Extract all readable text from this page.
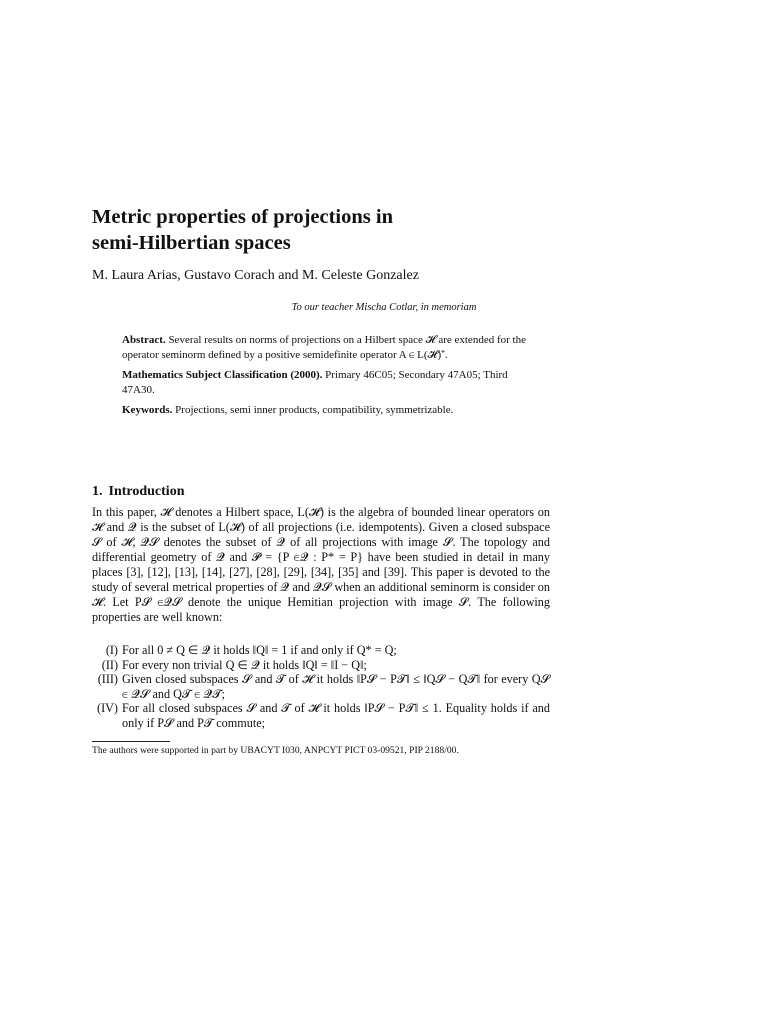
Metric properties of projections in
semi-Hilbertian spaces
M. Laura Arias, Gustavo Corach and M. Celeste Gonzalez
To our teacher Mischa Cotlar, in memoriam

Abstract. Several results on norms of projections on a Hilbert space 𝓗 are extended for the operator seminorm defined by a positive semidefinite operator A ∈ L(𝓗)⁺.

Mathematics Subject Classification (2000). Primary 46C05; Secondary 47A05; Third 47A30.

Keywords. Projections, semi inner products, compatibility, symmetrizable.

1. Introduction

In this paper, 𝓗 denotes a Hilbert space, L(𝓗) is the algebra of bounded linear operators on 𝓗 and 𝓠 is the subset of L(𝓗) of all projections (i.e. idempotents). Given a closed subspace 𝓢 of 𝓗, 𝓠𝓢 denotes the subset of 𝓠 of all projections with image 𝓢. The topology and differential geometry of 𝓠 and 𝓟 = {P ∈𝓠 : P* = P} have been studied in detail in many places [3], [12], [13], [14], [27], [28], [29], [34], [35] and [39]. This paper is devoted to the study of several metrical properties of 𝓠 and 𝓠𝓢 when an additional seminorm is consider on 𝓗. Let P𝓢 ∈𝓠𝓢 denote the unique Hemitian projection with image 𝓢. The following properties are well known:

(I) For all 0 ≠ Q ∈ 𝓠 it holds ‖Q‖ = 1 if and only if Q* = Q;
(II) For every non trivial Q ∈ 𝓠 it holds ‖Q‖ = ‖I − Q‖;
(III) Given closed subspaces 𝓢 and 𝓣 of 𝓗 it holds ‖P𝓢 − P𝓣‖ ≤ ‖Q𝓢 − Q𝓣‖ for every Q𝓢 ∈ 𝓠𝓢 and Q𝓣 ∈ 𝓠𝓣;
(IV) For all closed subspaces 𝓢 and 𝓣 of 𝓗 it holds ‖P𝓢 − P𝓣‖ ≤ 1. Equality holds if and only if P𝓢 and P𝓣 commute;
The authors were supported in part by UBACYT I030, ANPCYT PICT 03-09521, PIP 2188/00.
